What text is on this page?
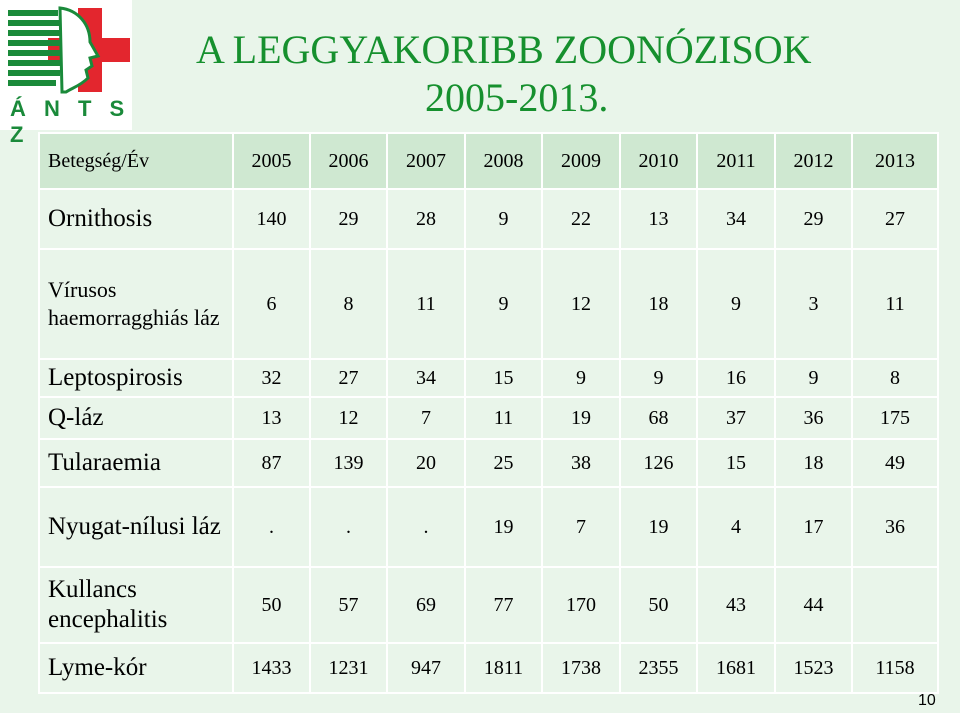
Á N T S Z
A LEGGYAKORIBB ZOONÓZISOK
2005-2013.
Betegség/Év	2005	2006	2007	2008	2009	2010	2011	2012	2013
Ornithosis	140	29	28	9	22	13	34	29	27
Vírusos haemorragghiás láz	6	8	11	9	12	18	9	3	11
Leptospirosis	32	27	34	15	9	9	16	9	8
Q-láz	13	12	7	11	19	68	37	36	175
Tularaemia	87	139	20	25	38	126	15	18	49
Nyugat-nílusi láz	.	.	.	19	7	19	4	17	36
Kullancs encephalitis	50	57	69	77	170	50	43	44	
Lyme-kór	1433	1231	947	1811	1738	2355	1681	1523	1158
10
